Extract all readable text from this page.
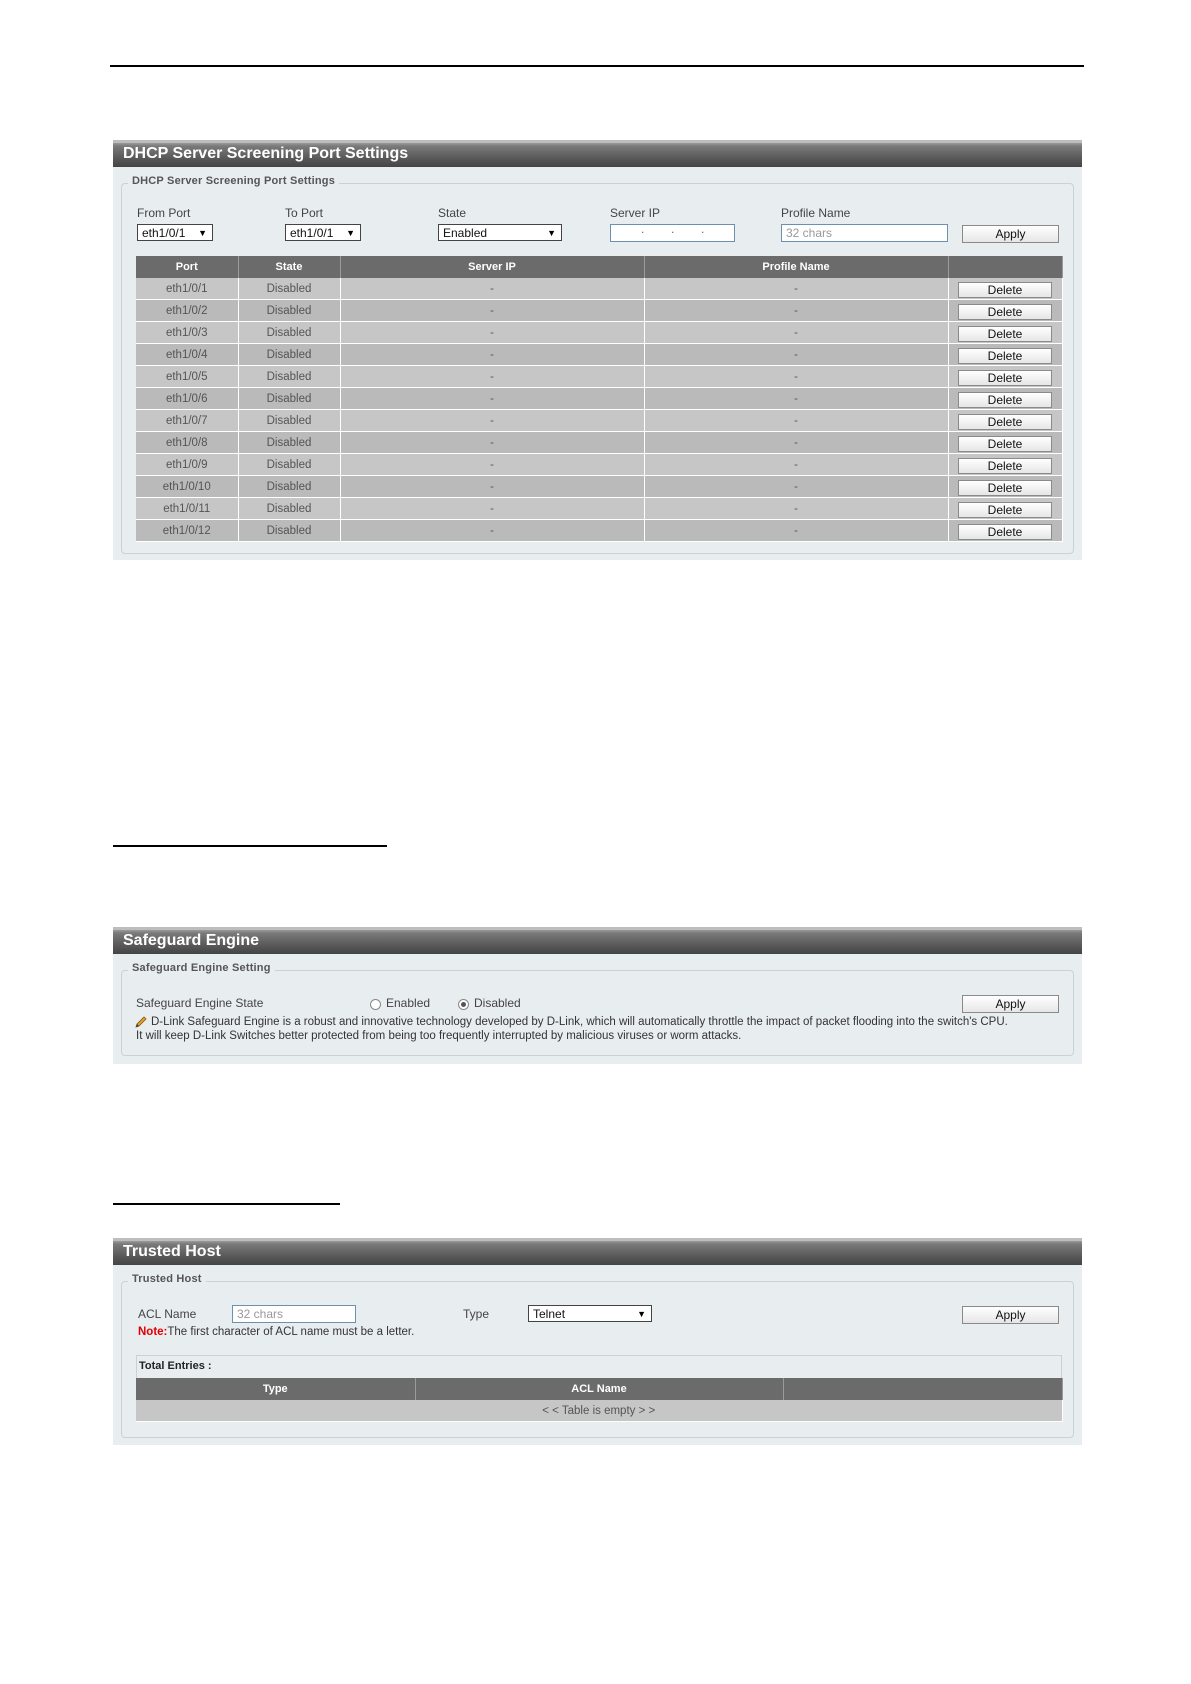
DHCP Server Screening Port Settings
DHCP Server Screening Port Settings
From Port
eth1/0/1 ▼
To Port
eth1/0/1 ▼
State
Enabled	▼
Server IP
. . .
Profile Name
32 chars	Apply
Port	State	Server IP	Profile Name	
eth1/0/1	Disabled	-	-	Delete
eth1/0/2	Disabled	-	-	Delete
eth1/0/3	Disabled	-	-	Delete
eth1/0/4	Disabled	-	-	Delete
eth1/0/5	Disabled	-	-	Delete
eth1/0/6	Disabled	-	-	Delete
eth1/0/7	Disabled	-	-	Delete
eth1/0/8	Disabled	-	-	Delete
eth1/0/9	Disabled	-	-	Delete
eth1/0/10	Disabled	-	-	Delete
eth1/0/11	Disabled	-	-	Delete
eth1/0/12	Disabled	-	-	Delete
Safeguard Engine
Safeguard Engine Setting
Safeguard Engine State	Enabled	Disabled	Apply
D-Link Safeguard Engine is a robust and innovative technology developed by D-Link, which will automatically throttle the impact of packet flooding into the switch's CPU.
It will keep D-Link Switches better protected from being too frequently interrupted by malicious viruses or worm attacks.
Trusted Host
Trusted Host
ACL Name	32 chars	Type	Telnet	▼	Apply
Note:The first character of ACL name must be a letter.
Total Entries :
Type	ACL Name	
< < Table is empty > >
